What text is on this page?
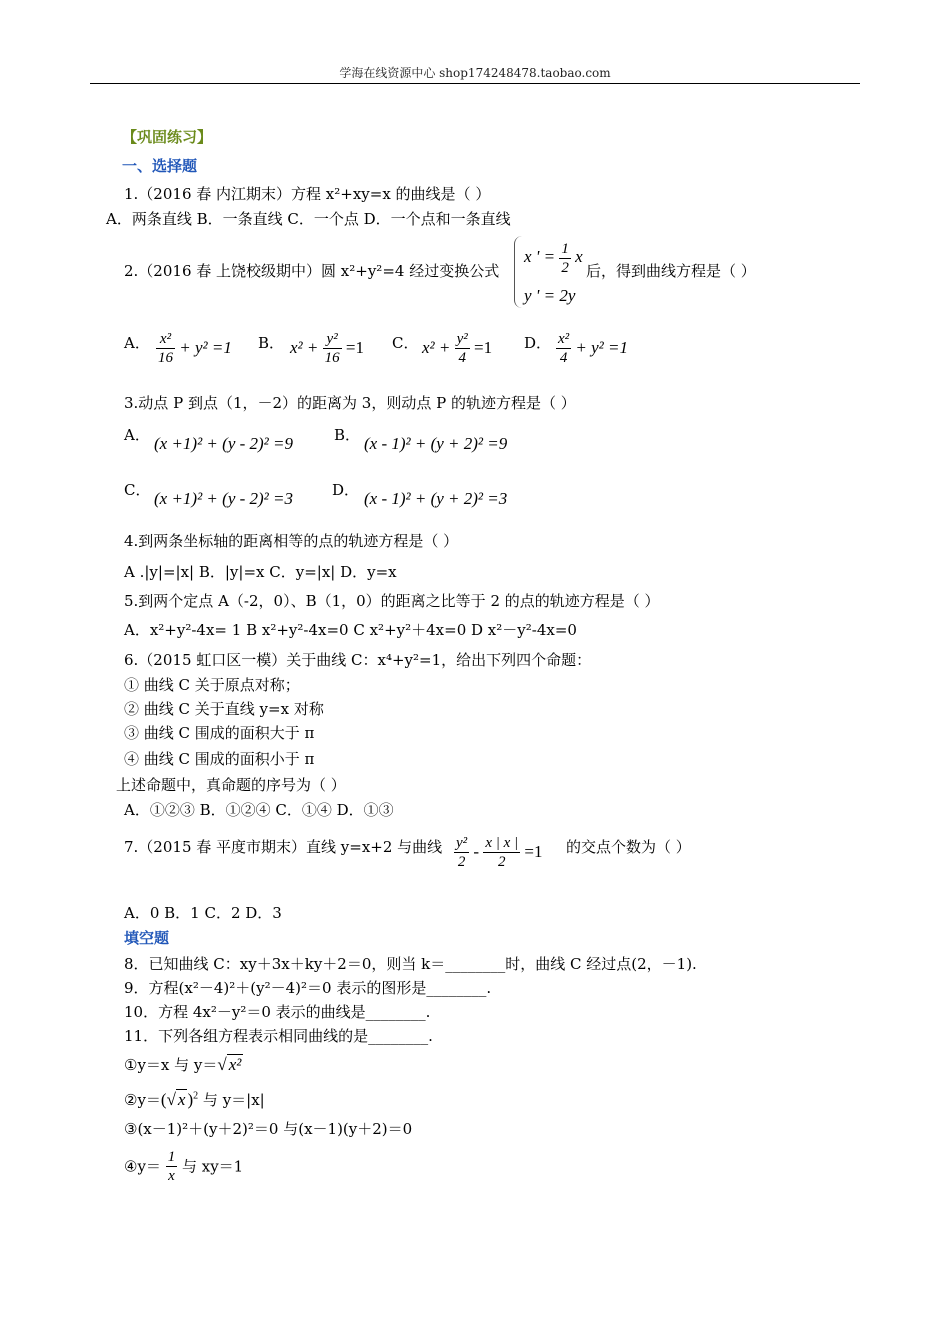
学海在线资源中心 shop174248478.taobao.com
【巩固练习】
一、选择题
1.（2016 春 内江期末）方程 x²+xy=x 的曲线是（ ）
A．两条直线 B．一条直线 C．一个点 D．一个点和一条直线
2.（2016 春 上饶校级期中）圆 x²+y²=4 经过变换公式
x ' = $\frac{1}{2}$ x
y ' = 2y
后，得到曲线方程是（ ）
A． $\frac{\text{x²}}{16} + y^2 =1$ B． $x^2 + \frac{\text{y²}}{16} =1$ C． $x^2 + \frac{\text{y²}}{4} =1$ D． $\frac{\text{x²}}{4} + y^2 =1$
3.动点 P 到点（1，－2）的距离为 3，则动点 P 的轨迹方程是（ ）
A． (x +1)² + (y - 2)² =9	B． (x - 1)² + (y + 2)² =9
C． (x +1)² + (y - 2)² =3	D． (x - 1)² + (y + 2)² =3
4.到两条坐标轴的距离相等的点的轨迹方程是（ ）
A .|y|=|x| B．|y|=x C．y=|x| D．y=x
5.到两个定点 A（-2，0）、B（1，0）的距离之比等于 2 的点的轨迹方程是（ ）
A．x²+y²-4x= 1 B x²+y²-4x=0 C x²+y²＋4x=0 D x²－y²-4x=0
6.（2015 虹口区一模）关于曲线 C：x⁴+y²=1，给出下列四个命题：
① 曲线 C 关于原点对称；
② 曲线 C 关于直线 y=x 对称
③ 曲线 C 围成的面积大于 π
④ 曲线 C 围成的面积小于 π
上述命题中，真命题的序号为（ ）
A．①②③ B．①②④ C．①④ D．①③
7.（2015 春 平度市期末）直线 y=x+2 与曲线 $\frac{\text{y²}}{2} - \frac{x | x |}{2} =1$ 的交点个数为（ ）
A．0 B．1 C．2 D．3
填空题
8．已知曲线 C：xy＋3x＋ky＋2＝0，则当 k＝________时，曲线 C 经过点(2，－1).
9．方程(x²－4)²＋(y²－4)²＝0 表示的图形是________.
10．方程 4x²－y²＝0 表示的曲线是________.
11．下列各组方程表示相同曲线的是________.
①y＝x 与 y＝√ x²
②y＝(√ x )$^2$ 与 y＝|x|
③(x－1)²＋(y＋2)²＝0 与(x－1)(y＋2)＝0
④y＝ $\frac{1}{x}$ 与 xy＝1
